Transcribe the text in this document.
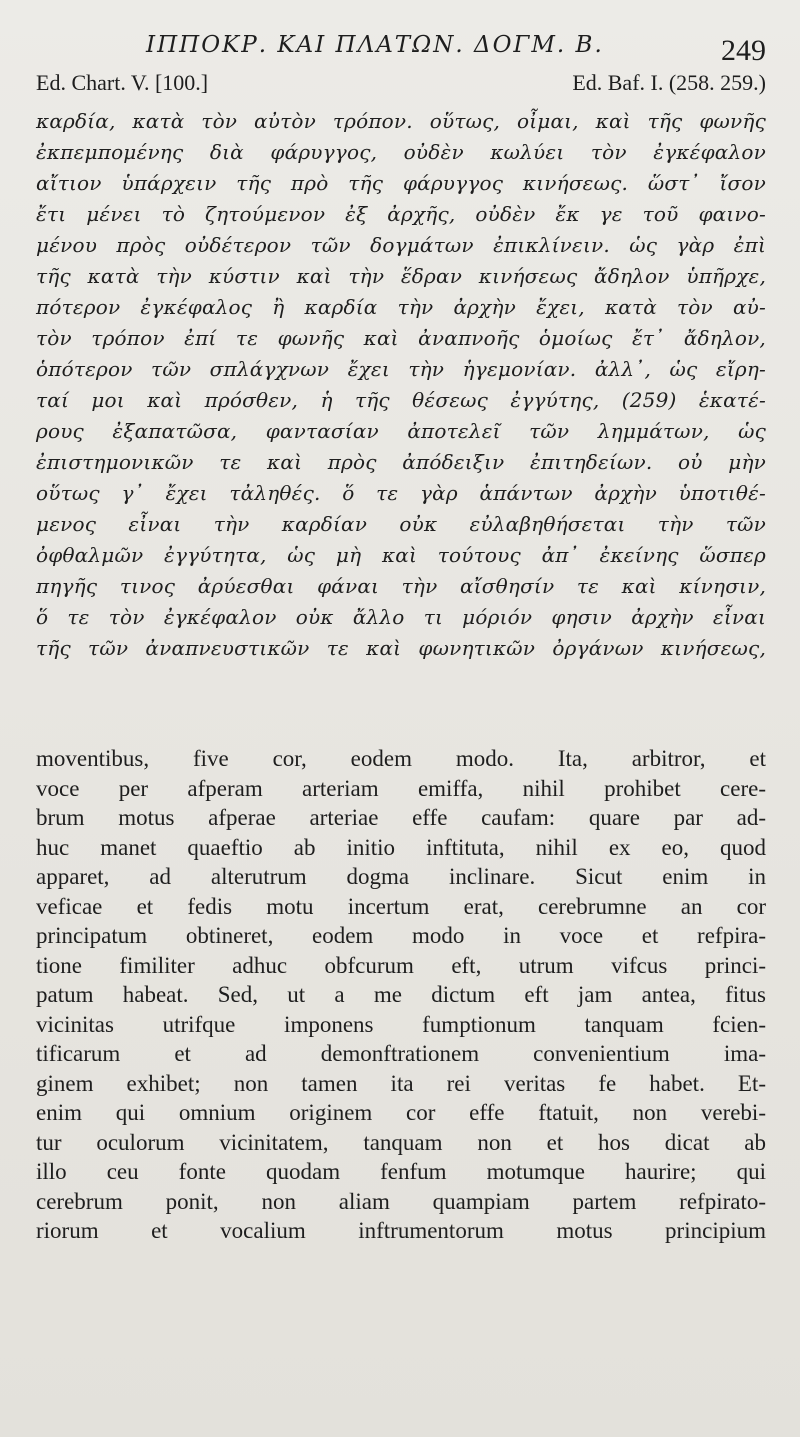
ΙΠΠΟΚΡ. ΚΑΙ ΠΛΑΤΩΝ. ΔΟΓΜ. Β.	249
Ed. Chart. V. [100.]	Ed. Baf. I. (258. 259.)
καρδία, κατὰ τὸν αὐτὸν τρόπον. οὕτως, οἶμαι, καὶ τῆς φωνῆς
ἐκπεμπομένης διὰ φάρυγγος, οὐδὲν κωλύει τὸν ἐγκέφαλον
αἴτιον ὑπάρχειν τῆς πρὸ τῆς φάρυγγος κινήσεως. ὥστ᾽ ἴσον
ἔτι μένει τὸ ζητούμενον ἐξ ἀρχῆς, οὐδὲν ἔκ γε τοῦ φαινο-
μένου πρὸς οὐδέτερον τῶν δογμάτων ἐπικλίνειν. ὡς γὰρ ἐπὶ
τῆς κατὰ τὴν κύστιν καὶ τὴν ἕδραν κινήσεως ἄδηλον ὑπῆρχε,
πότερον ἐγκέφαλος ἢ καρδία τὴν ἀρχὴν ἔχει, κατὰ τὸν αὐ-
τὸν τρόπον ἐπί τε φωνῆς καὶ ἀναπνοῆς ὁμοίως ἔτ᾽ ἄδηλον,
ὁπότερον τῶν σπλάγχνων ἔχει τὴν ἡγεμονίαν. ἀλλ᾽, ὡς εἴρη-
ταί μοι καὶ πρόσθεν, ἡ τῆς θέσεως ἐγγύτης, (259) ἑκατέ-
ρους ἐξαπατῶσα, φαντασίαν ἀποτελεῖ τῶν λημμάτων, ὡς
ἐπιστημονικῶν τε καὶ πρὸς ἀπόδειξιν ἐπιτηδείων. οὐ μὴν
οὕτως γ᾽ ἔχει τἀληθές. ὅ τε γὰρ ἁπάντων ἀρχὴν ὑποτιθέ-
μενος εἶναι τὴν καρδίαν οὐκ εὐλαβηθήσεται τὴν τῶν
ὀφθαλμῶν ἐγγύτητα, ὡς μὴ καὶ τούτους ἀπ᾽ ἐκείνης ὥσπερ
πηγῆς τινος ἀρύεσθαι φάναι τὴν αἴσθησίν τε καὶ κίνησιν,
ὅ τε τὸν ἐγκέφαλον οὐκ ἄλλο τι μόριόν φησιν ἀρχὴν εἶναι
τῆς τῶν ἀναπνευστικῶν τε καὶ φωνητικῶν ὀργάνων κινήσεως,
moventibus, five cor, eodem modo. Ita, arbitror, et
voce per afperam arteriam emiffa, nihil prohibet cere-
brum motus afperae arteriae effe caufam: quare par ad-
huc manet quaeftio ab initio inftituta, nihil ex eo, quod
apparet, ad alterutrum dogma inclinare. Sicut enim in
veficae et fedis motu incertum erat, cerebrumne an cor
principatum obtineret, eodem modo in voce et refpira-
tione fimiliter adhuc obfcurum eft, utrum vifcus princi-
patum habeat. Sed, ut a me dictum eft jam antea, fitus
vicinitas utrifque imponens fumptionum tanquam fcien-
tificarum et ad demonftrationem convenientium ima-
ginem exhibet; non tamen ita rei veritas fe habet. Et-
enim qui omnium originem cor effe ftatuit, non verebi-
tur oculorum vicinitatem, tanquam non et hos dicat ab
illo ceu fonte quodam fenfum motumque haurire; qui
cerebrum ponit, non aliam quampiam partem refpirato-
riorum et vocalium inftrumentorum motus principium
